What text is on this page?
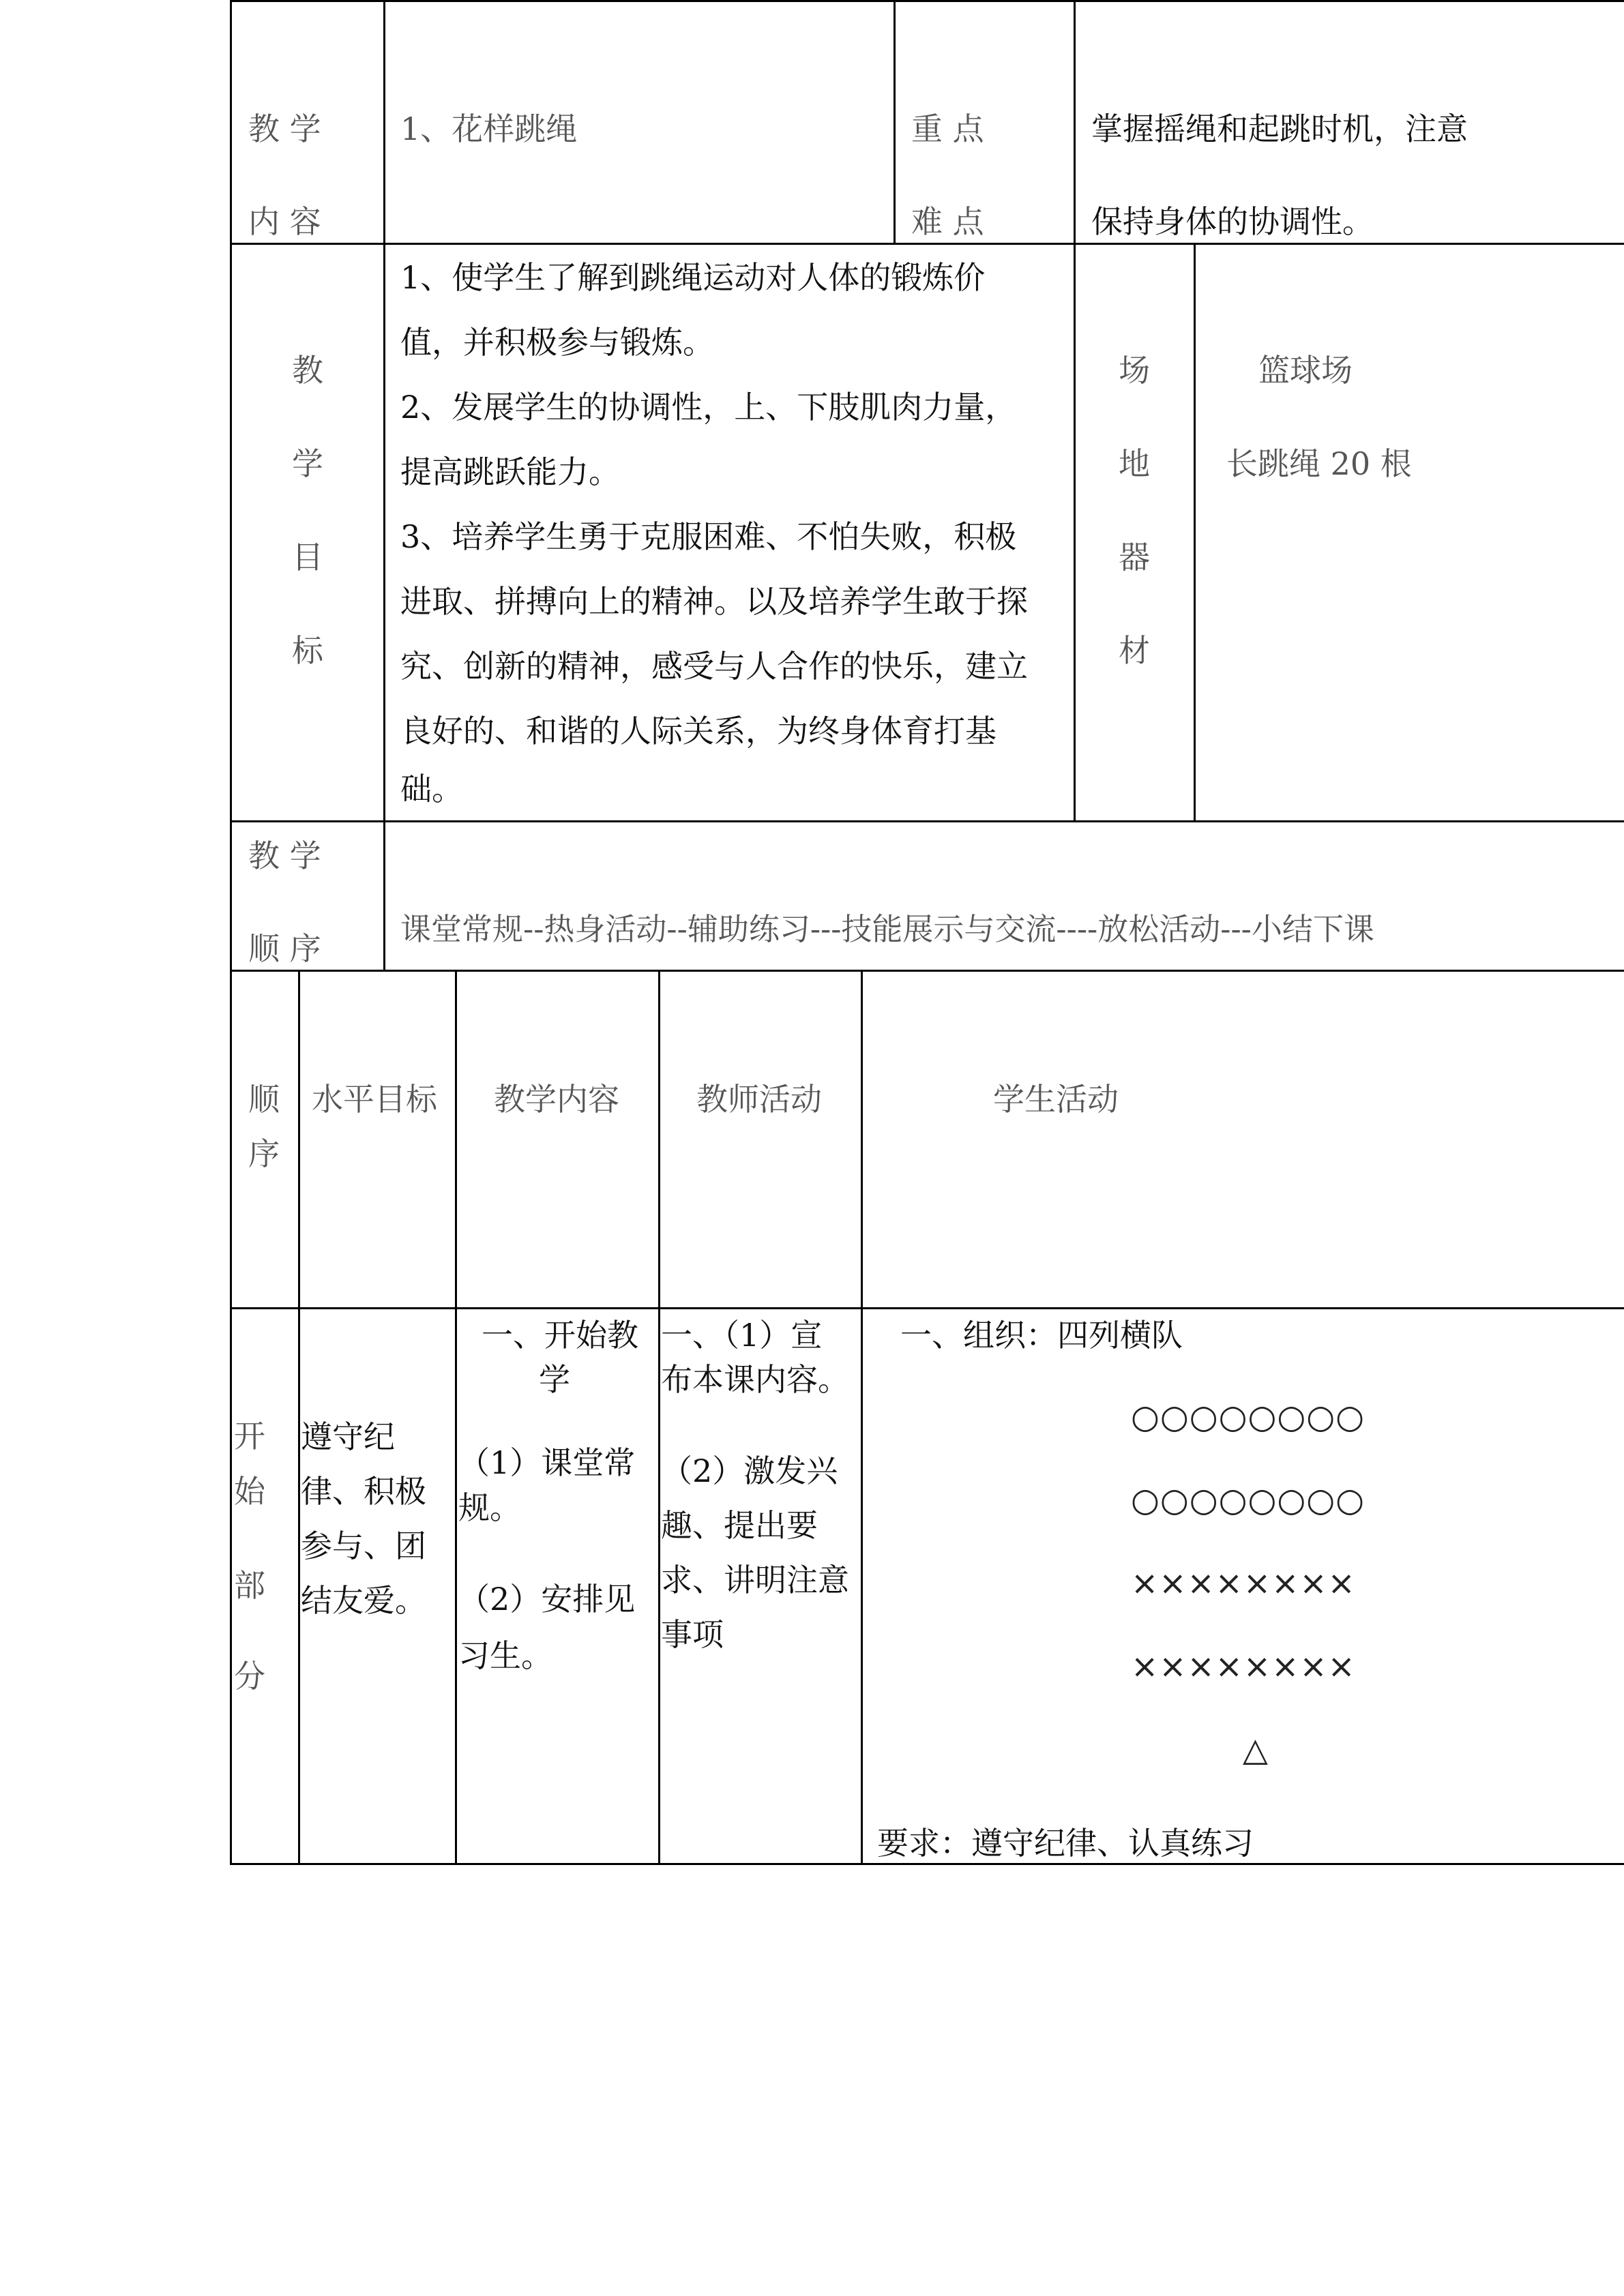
教 学
内 容
1、花样跳绳	重 点
难 点
掌握摇绳和起跳时机，注意
保持身体的协调性。
教
学
目
标
1、使学生了解到跳绳运动对人体的锻炼价
值，并积极参与锻炼。
2、发展学生的协调性，上、下肢肌肉力量，
提高跳跃能力。
3、培养学生勇于克服困难、不怕失败，积极
进取、拼搏向上的精神。以及培养学生敢于探
究、创新的精神，感受与人合作的快乐，建立
良好的、和谐的人际关系，为终身体育打基
础。
场
地
器
材
篮球场
长跳绳 20 根
教 学
顺 序
课堂常规--热身活动--辅助练习---技能展示与交流----放松活动---小结下课
顺
序
水平目标 教学内容 教师活动	学生活动
开
始
部
分
遵守纪
律、积极
参与、团
结友爱。
一、开始教
学
（1）课堂常
规。
（2）安排见
习生。
一、（1）宣
布本课内容。
（2）激发兴
趣、提出要
求、讲明注意
事项
一、组织：四列横队
○○○○○○○○
○○○○○○○○
××××××××
××××××××
△
要求：遵守纪律、认真练习
